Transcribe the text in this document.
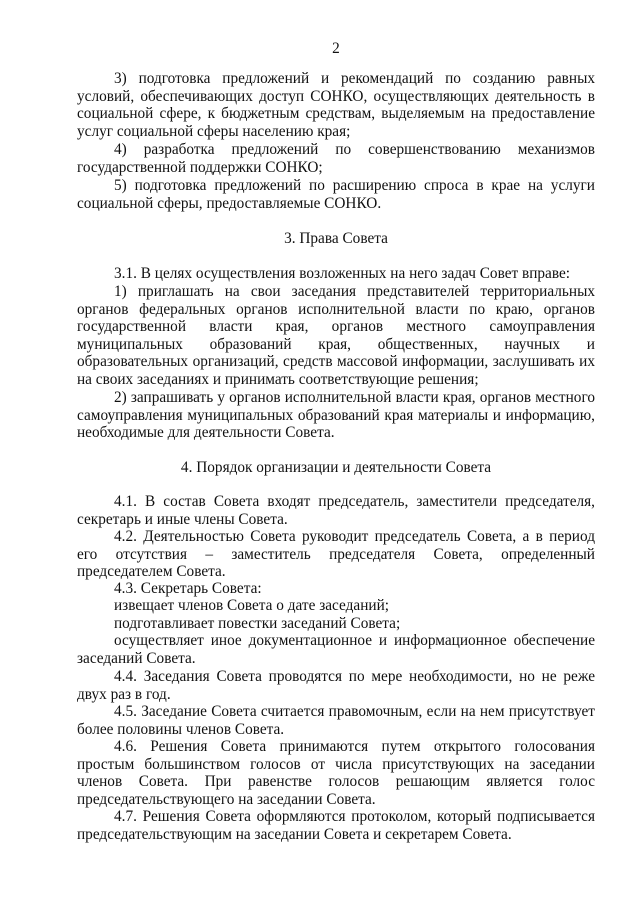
2
3) подготовка предложений и рекомендаций по созданию равных условий, обеспечивающих доступ СОНКО, осуществляющих деятельность в социальной сфере, к бюджетным средствам, выделяемым на предоставление услуг социальной сферы населению края;
4) разработка предложений по совершенствованию механизмов государственной поддержки СОНКО;
5) подготовка предложений по расширению спроса в крае на услуги социальной сферы, предоставляемые СОНКО.
3. Права Совета
3.1. В целях осуществления возложенных на него задач Совет вправе:
1) приглашать на свои заседания представителей территориальных органов федеральных органов исполнительной власти по краю, органов государственной власти края, органов местного самоуправления муниципальных образований края, общественных, научных и образовательных организаций, средств массовой информации, заслушивать их на своих заседаниях и принимать соответствующие решения;
2) запрашивать у органов исполнительной власти края, органов местного самоуправления муниципальных образований края материалы и информацию, необходимые для деятельности Совета.
4. Порядок организации и деятельности Совета
4.1. В состав Совета входят председатель, заместители председателя, секретарь и иные члены Совета.
4.2. Деятельностью Совета руководит председатель Совета, а в период его отсутствия – заместитель председателя Совета, определенный председателем Совета.
4.3. Секретарь Совета:
извещает членов Совета о дате заседаний;
подготавливает повестки заседаний Совета;
осуществляет иное документационное и информационное обеспечение заседаний Совета.
4.4. Заседания Совета проводятся по мере необходимости, но не реже двух раз в год.
4.5. Заседание Совета считается правомочным, если на нем присутствует более половины членов Совета.
4.6. Решения Совета принимаются путем открытого голосования простым большинством голосов от числа присутствующих на заседании членов Совета. При равенстве голосов решающим является голос председательствующего на заседании Совета.
4.7. Решения Совета оформляются протоколом, который подписывается председательствующим на заседании Совета и секретарем Совета.
